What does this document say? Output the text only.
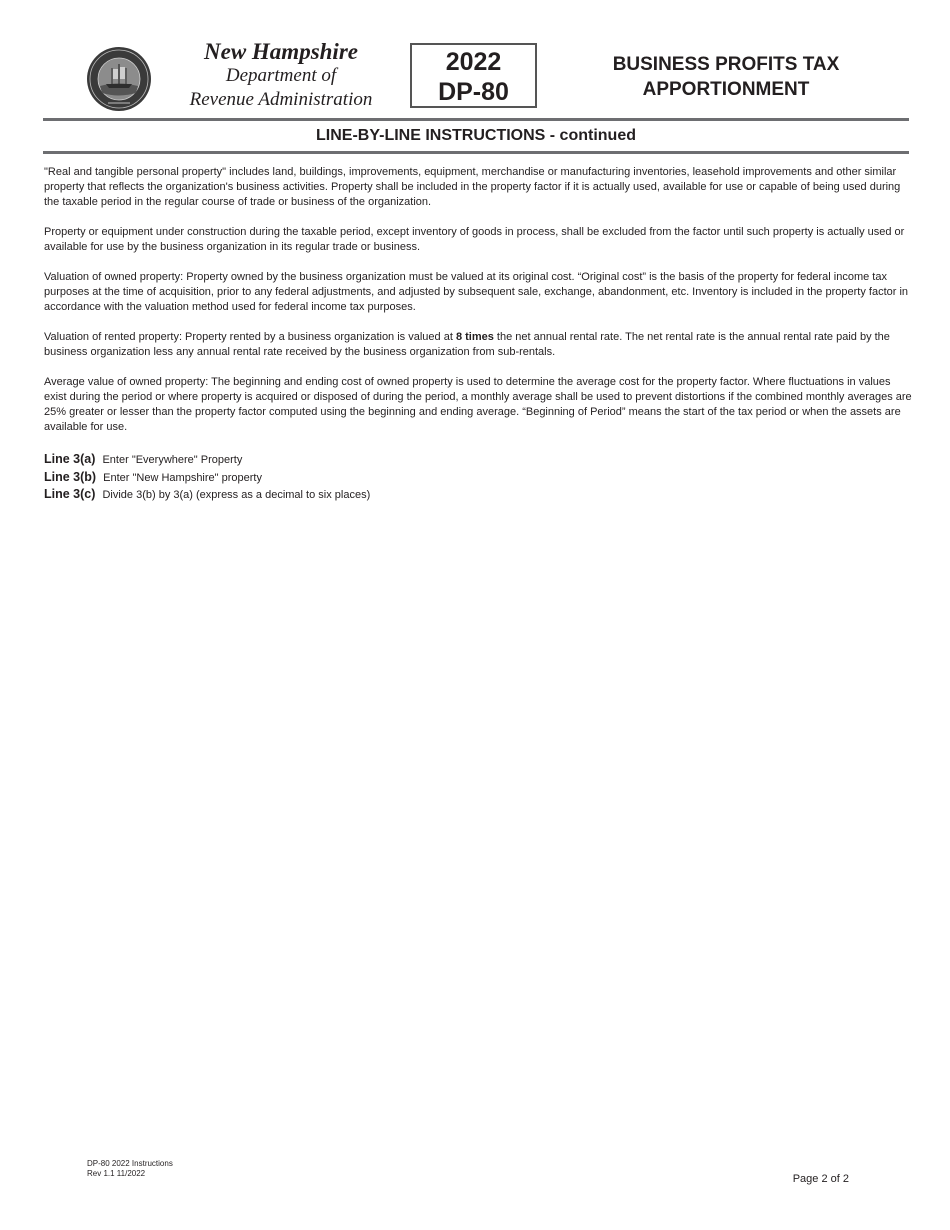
New Hampshire
Department of
Revenue Administration
2022
DP-80
BUSINESS PROFITS TAX
APPORTIONMENT
LINE-BY-LINE INSTRUCTIONS - continued

"Real and tangible personal property" includes land, buildings, improvements, equipment, merchandise or manufacturing inventories, leasehold improvements and other similar property that reflects the organization's business activities. Property shall be included in the property factor if it is actually used, available for use or capable of being used during the taxable period in the regular course of trade or business of the organization.

Property or equipment under construction during the taxable period, except inventory of goods in process, shall be excluded from the factor until such property is actually used or available for use by the business organization in its regular trade or business.

Valuation of owned property: Property owned by the business organization must be valued at its original cost. “Original cost” is the basis of the property for federal income tax purposes at the time of acquisition, prior to any federal adjustments, and adjusted by subsequent sale, exchange, abandonment, etc. Inventory is included in the property factor in accordance with the valuation method used for federal income tax purposes.

Valuation of rented property: Property rented by a business organization is valued at 8 times the net annual rental rate. The net rental rate is the annual rental rate paid by the business organization less any annual rental rate received by the business organization from sub-rentals.

Average value of owned property: The beginning and ending cost of owned property is used to determine the average cost for the property factor. Where fluctuations in values exist during the period or where property is acquired or disposed of during the period, a monthly average shall be used to prevent distortions if the combined monthly averages are 25% greater or lesser than the property factor computed using the beginning and ending average. “Beginning of Period” means the start of the tax period or when the assets are available for use.

Line 3(a) Enter "Everywhere" Property
Line 3(b) Enter "New Hampshire" property
Line 3(c) Divide 3(b) by 3(a) (express as a decimal to six places)
DP-80 2022 Instructions
Rev 1.1 11/2022	Page 2 of 2
